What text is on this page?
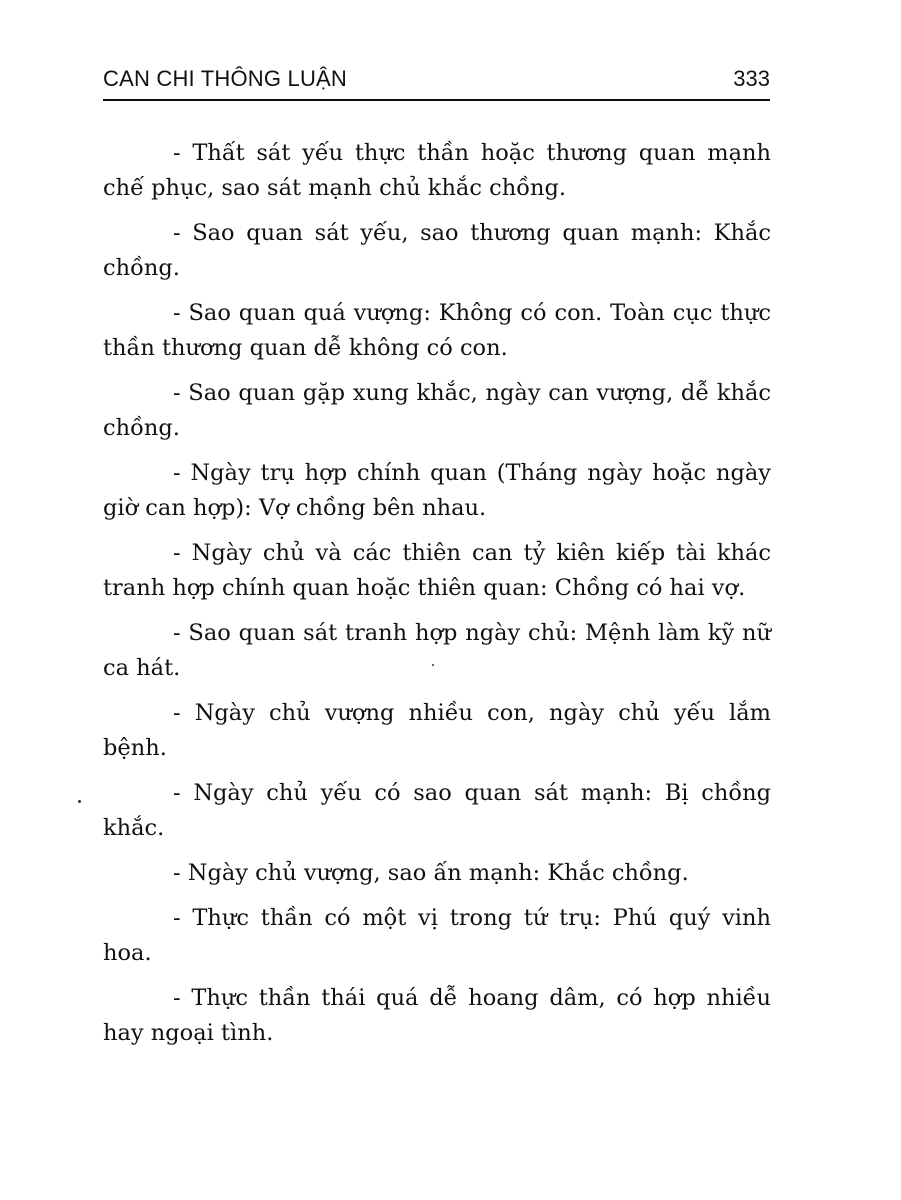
CAN CHI THÔNG LUẬN	333

- Thất sát yếu thực thần hoặc thương quan mạnh chế phục, sao sát mạnh chủ khắc chồng.

- Sao quan sát yếu, sao thương quan mạnh: Khắc chồng.

- Sao quan quá vượng: Không có con. Toàn cục thực thần thương quan dễ không có con.

- Sao quan gặp xung khắc, ngày can vượng, dễ khắc chồng.

- Ngày trụ hợp chính quan (Tháng ngày hoặc ngày giờ can hợp): Vợ chồng bên nhau.

- Ngày chủ và các thiên can tỷ kiên kiếp tài khác tranh hợp chính quan hoặc thiên quan: Chồng có hai vợ.

- Sao quan sát tranh hợp ngày chủ: Mệnh làm kỹ nữ ca hát.

- Ngày chủ vượng nhiều con, ngày chủ yếu lắm bệnh.

- Ngày chủ yếu có sao quan sát mạnh: Bị chồng khắc.

- Ngày chủ vượng, sao ấn mạnh: Khắc chồng.

- Thực thần có một vị trong tứ trụ: Phú quý vinh hoa.

- Thực thần thái quá dễ hoang dâm, có hợp nhiều hay ngoại tình.
